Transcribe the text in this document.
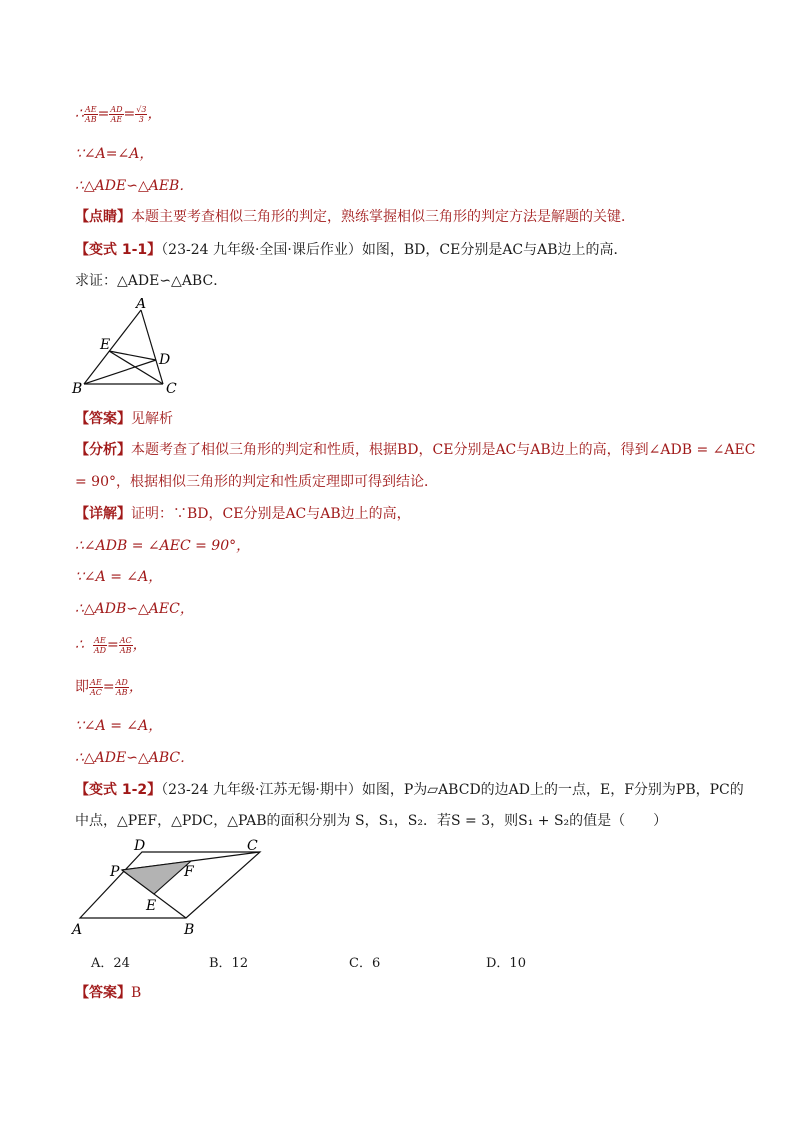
∴ $\frac{AE}{AB} = \frac{AD}{AE} = \frac{√3}{3}$ ，
∵∠A=∠A，
∴△ADE∽△AEB．
【点睛】本题主要考查相似三角形的判定，熟练掌握相似三角形的判定方法是解题的关键．
【变式 1-1】（23-24 九年级·全国·课后作业）如图，BD，CE分别是AC与AB边上的高．
求证：△ADE∽△ABC．
A
B	C
D
E
【答案】见解析
【分析】本题考查了相似三角形的判定和性质，根据BD，CE分别是AC与AB边上的高，得到∠ADB = ∠AEC
= 90°，根据相似三角形的判定和性质定理即可得到结论．
【详解】证明：∵BD，CE分别是AC与AB边上的高，
∴∠ADB = ∠AEC = 90°，
∵∠A = ∠A，
∴△ADB∽△AEC，
∴ $\frac{AE}{AD} = \frac{AC}{AB}$ ，
即 $\frac{AE}{AC} = \frac{AD}{AB}$ ，
∵∠A = ∠A，
∴△ADE∽△ABC．
【变式 1-2】（23-24 九年级·江苏无锡·期中）如图，P为▱ABCD的边AD上的一点，E，F分别为PB，PC的
中点，△PEF，△PDC，△PAB的面积分别为 S，S₁，S₂．若S = 3，则S₁ + S₂的值是（　　）
A	B
C
D
P
E
F
A．24	B．12	C．6	D．10
【答案】B
